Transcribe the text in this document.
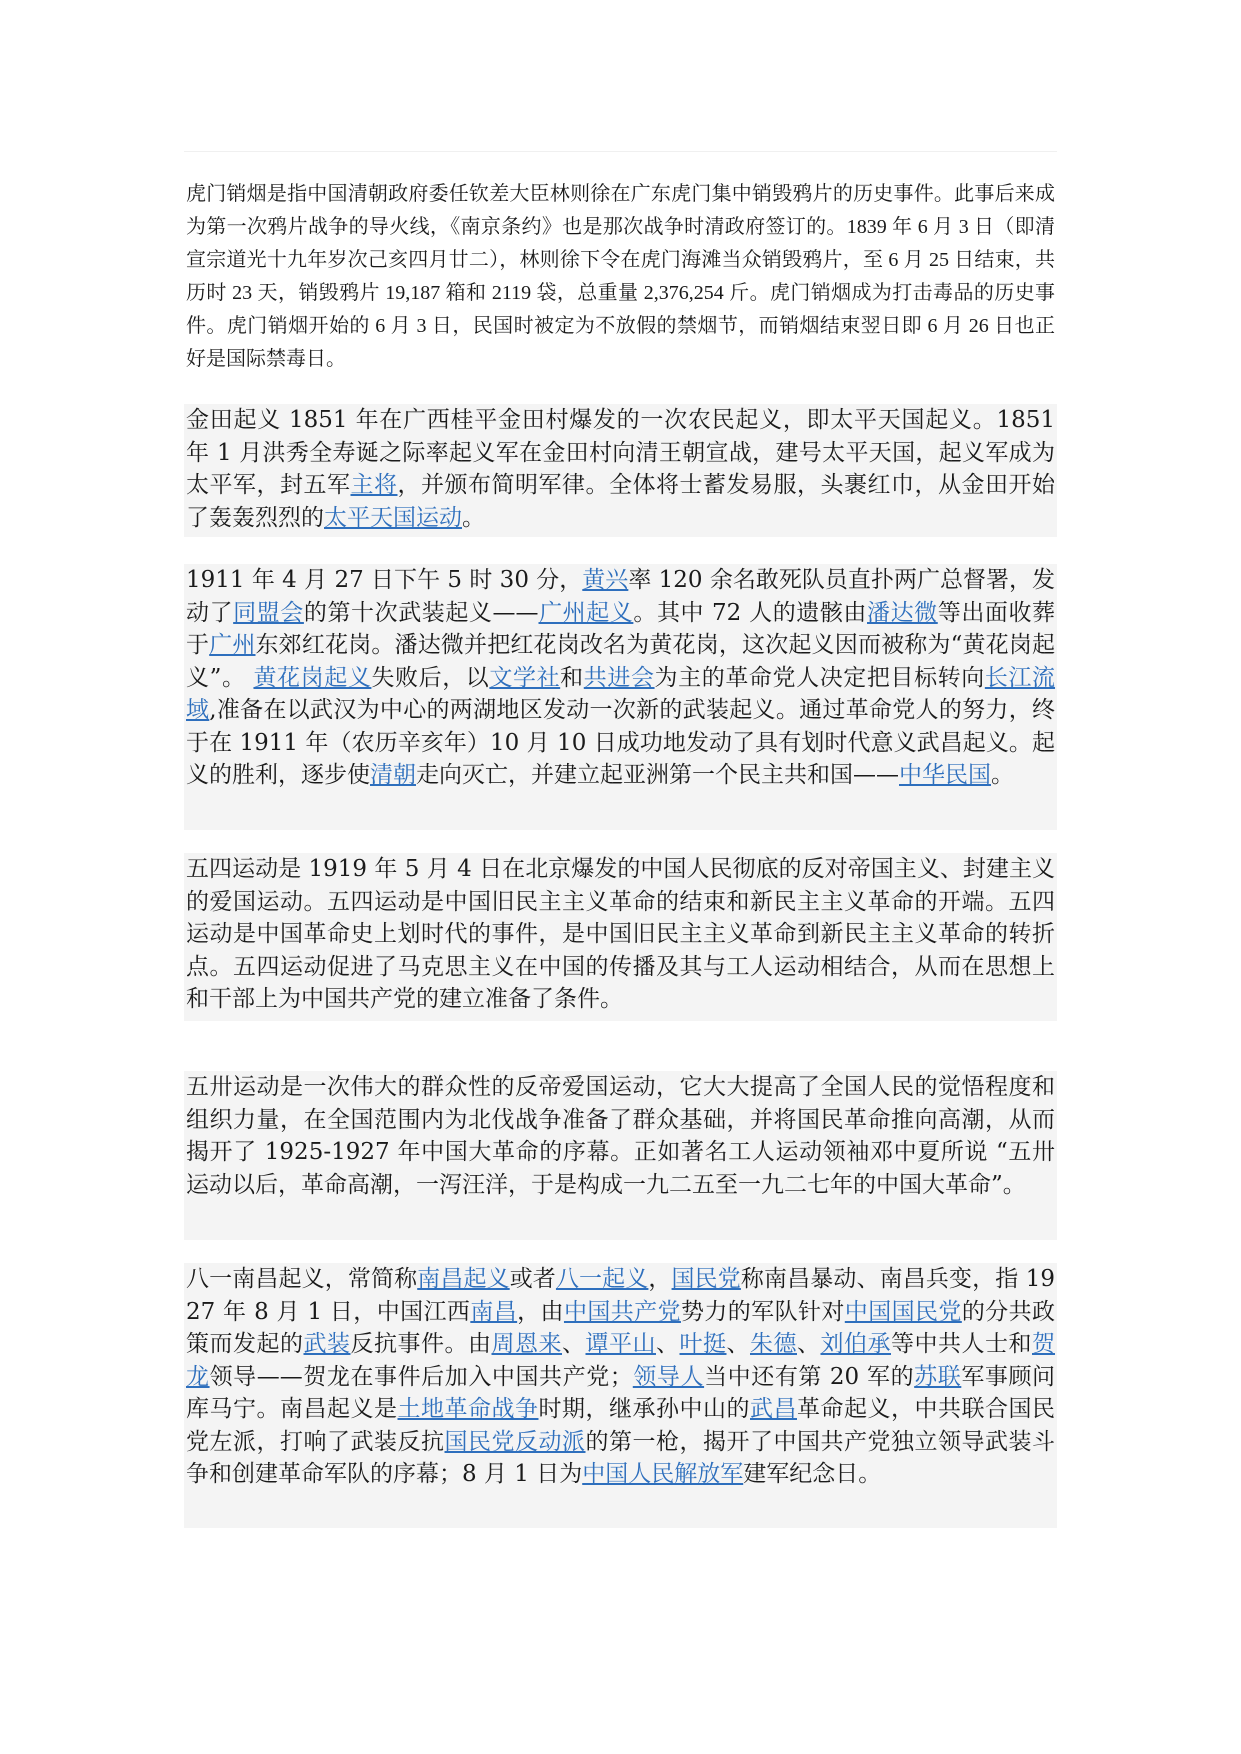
虎门销烟是指中国清朝政府委任钦差大臣林则徐在广东虎门集中销毁鸦片的历史事件。此事后来成为第一次鸦片战争的导火线，《南京条约》也是那次战争时清政府签订的。1839 年 6 月 3 日（即清宣宗道光十九年岁次己亥四月廿二），林则徐下令在虎门海滩当众销毁鸦片，至 6 月 25 日结束，共历时 23 天，销毁鸦片 19,187 箱和 2119 袋，总重量 2,376,254 斤。虎门销烟成为打击毒品的历史事件。虎门销烟开始的 6 月 3 日，民国时被定为不放假的禁烟节，而销烟结束翌日即 6 月 26 日也正好是国际禁毒日。

金田起义 1851 年在广西桂平金田村爆发的一次农民起义，即太平天国起义。1851 年 1 月洪秀全寿诞之际率起义军在金田村向清王朝宣战，建号太平天国，起义军成为太平军，封五军主将，并颁布简明军律。全体将士蓄发易服，头裹红巾，从金田开始了轰轰烈烈的太平天国运动。

1911 年 4 月 27 日下午 5 时 30 分，黄兴率 120 余名敢死队员直扑两广总督署，发动了同盟会的第十次武装起义——广州起义。其中 72 人的遗骸由潘达微等出面收葬于广州东郊红花岗。潘达微并把红花岗改名为黄花岗，这次起义因而被称为“黄花岗起义”。 黄花岗起义失败后，以文学社和共进会为主的革命党人决定把目标转向长江流域,准备在以武汉为中心的两湖地区发动一次新的武装起义。通过革命党人的努力，终于在 1911 年（农历辛亥年）10 月 10 日成功地发动了具有划时代意义武昌起义。起义的胜利，逐步使清朝走向灭亡，并建立起亚洲第一个民主共和国——中华民国。

五四运动是 1919 年 5 月 4 日在北京爆发的中国人民彻底的反对帝国主义、封建主义的爱国运动。五四运动是中国旧民主主义革命的结束和新民主主义革命的开端。五四运动是中国革命史上划时代的事件，是中国旧民主主义革命到新民主主义革命的转折点。五四运动促进了马克思主义在中国的传播及其与工人运动相结合，从而在思想上和干部上为中国共产党的建立准备了条件。

五卅运动是一次伟大的群众性的反帝爱国运动，它大大提高了全国人民的觉悟程度和组织力量，在全国范围内为北伐战争准备了群众基础，并将国民革命推向高潮，从而揭开了 1925-1927 年中国大革命的序幕。正如著名工人运动领袖邓中夏所说 “五卅运动以后，革命高潮，一泻汪洋，于是构成一九二五至一九二七年的中国大革命”。

八一南昌起义，常简称南昌起义或者八一起义，国民党称南昌暴动、南昌兵变，指 1927 年 8 月 1 日，中国江西南昌，由中国共产党势力的军队针对中国国民党的分共政策而发起的武装反抗事件。由周恩来、谭平山、叶挺、朱德、刘伯承等中共人士和贺龙领导——贺龙在事件后加入中国共产党；领导人当中还有第 20 军的苏联军事顾问库马宁。南昌起义是土地革命战争时期，继承孙中山的武昌革命起义，中共联合国民党左派，打响了武装反抗国民党反动派的第一枪，揭开了中国共产党独立领导武装斗争和创建革命军队的序幕；8 月 1 日为中国人民解放军建军纪念日。
